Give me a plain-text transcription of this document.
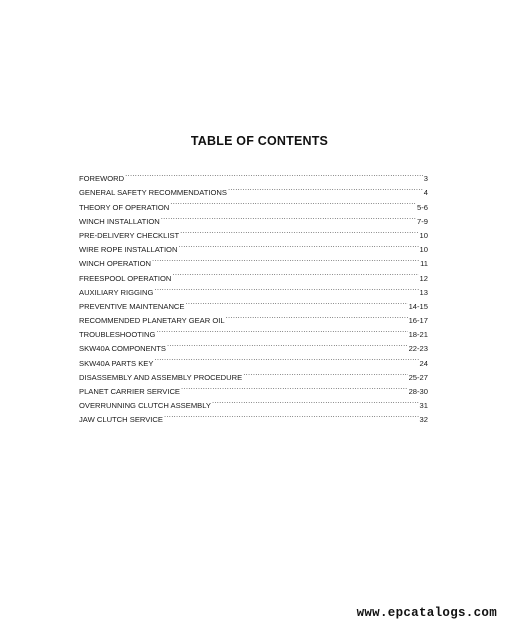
TABLE OF CONTENTS
FOREWORD .....	3
GENERAL SAFETY RECOMMENDATIONS .....	4
THEORY OF OPERATION .....	5-6
WINCH INSTALLATION .....	7-9
PRE-DELIVERY CHECKLIST .....	10
WIRE ROPE INSTALLATION .....	10
WINCH OPERATION .....	11
FREESPOOL OPERATION .....	12
AUXILIARY RIGGING .....	13
PREVENTIVE MAINTENANCE .....	14-15
RECOMMENDED PLANETARY GEAR OIL .....	16-17
TROUBLESHOOTING .....	18-21
SKW40A COMPONENTS .....	22-23
SKW40A PARTS KEY .....	24
DISASSEMBLY AND ASSEMBLY PROCEDURE .....	25-27
PLANET CARRIER SERVICE .....	28-30
OVERRUNNING CLUTCH ASSEMBLY .....	31
JAW CLUTCH SERVICE .....	32
www.epcatalogs.com
